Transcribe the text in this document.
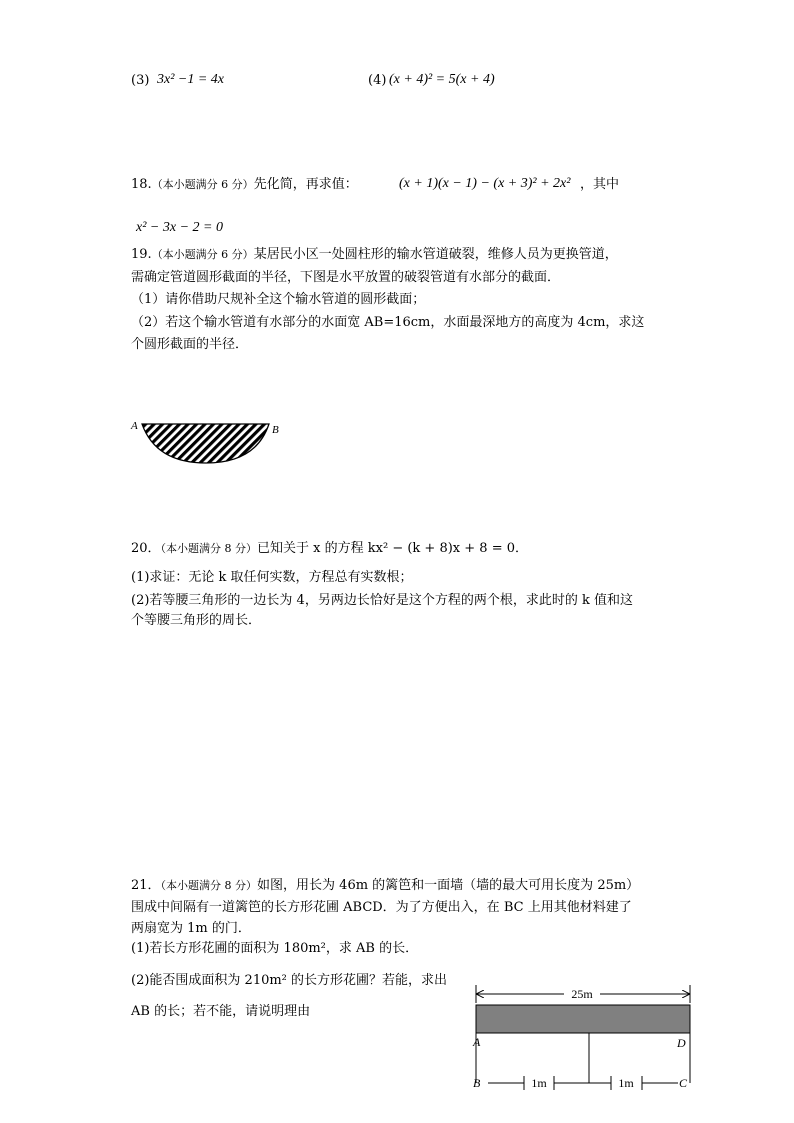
(3) 3x² −1 = 4x	(4) (x + 4)² = 5(x + 4)
18.（本小题满分 6 分）先化简，再求值：	(x + 1)(x − 1) − (x + 3)² + 2x² ，其中
x² − 3x − 2 = 0
19.（本小题满分 6 分）某居民小区一处圆柱形的输水管道破裂，维修人员为更换管道，
需确定管道圆形截面的半径，下图是水平放置的破裂管道有水部分的截面．
（1）请你借助尺规补全这个输水管道的圆形截面；
（2）若这个输水管道有水部分的水面宽 AB=16cm，水面最深地方的高度为 4cm，求这
个圆形截面的半径．
A	B
20．（本小题满分 8 分）已知关于 x 的方程 kx² − (k + 8)x + 8 = 0．
(1)求证：无论 k 取任何实数，方程总有实数根；
(2)若等腰三角形的一边长为 4，另两边长恰好是这个方程的两个根，求此时的 k 值和这
个等腰三角形的周长．
21．（本小题满分 8 分）如图，用长为 46m 的篱笆和一面墙（墙的最大可用长度为 25m）
围成中间隔有一道篱笆的长方形花圃 ABCD．为了方便出入，在 BC 上用其他材料建了
两扇宽为 1m 的门．
(1)若长方形花圃的面积为 180m²，求 AB 的长．
(2)能否围成面积为 210m² 的长方形花圃？若能，求出
AB 的长；若不能，请说明理由
25m
1m	1m
A	D
B	C
